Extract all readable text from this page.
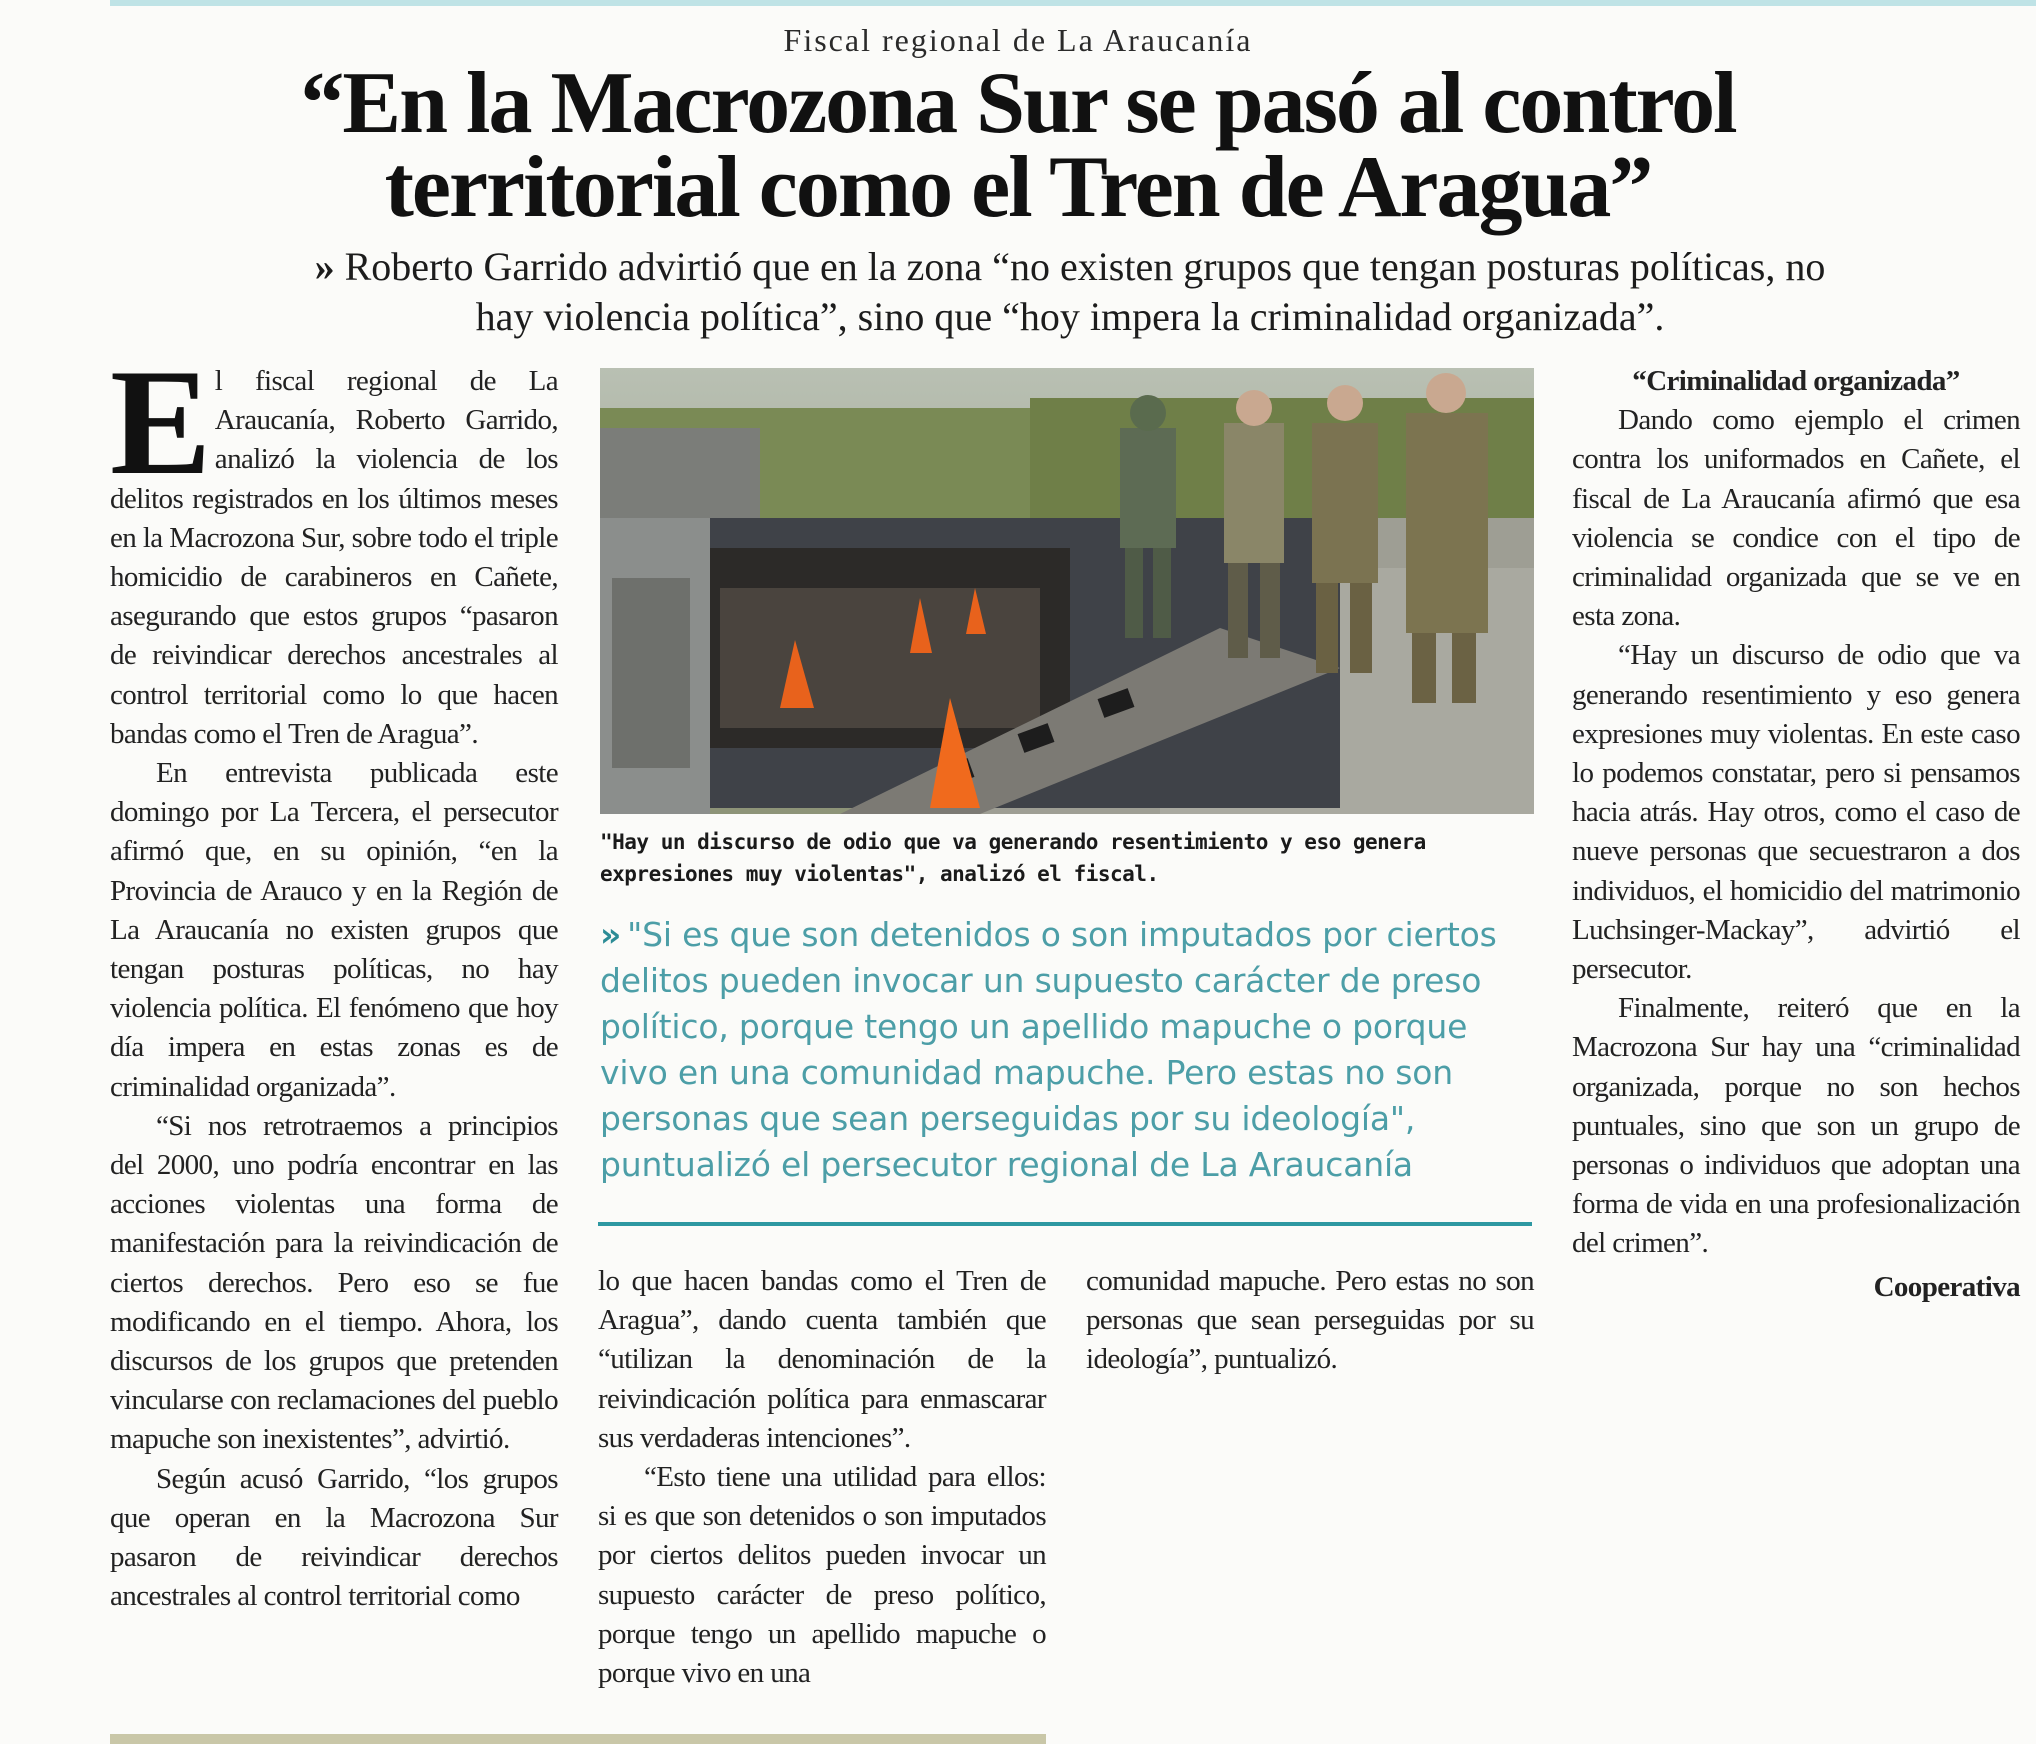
Fiscal regional de La Araucanía
“En la Macrozona Sur se pasó al control
territorial como el Tren de Aragua”
» Roberto Garrido advirtió que en la zona “no existen grupos que tengan posturas políticas, no hay violencia política”, sino que “hoy impera la criminalidad organizada”.

El fiscal regional de La Araucanía, Roberto Garrido, analizó la violencia de los delitos registrados en los últimos meses en la Macrozona Sur, sobre todo el triple homicidio de carabineros en Cañete, asegurando que estos grupos “pasaron de reivindicar derechos ancestrales al control territorial como lo que hacen bandas como el Tren de Aragua”.

En entrevista publicada este domingo por La Tercera, el persecutor afirmó que, en su opinión, “en la Provincia de Arauco y en la Región de La Araucanía no existen grupos que tengan posturas políticas, no hay violencia política. El fenómeno que hoy día impera en estas zonas es de criminalidad organizada”.

“Si nos retrotraemos a principios del 2000, uno podría encontrar en las acciones violentas una forma de manifestación para la reivindicación de ciertos derechos. Pero eso se fue modificando en el tiempo. Ahora, los discursos de los grupos que pretenden vincularse con reclamaciones del pueblo mapuche son inexistentes”, advirtió.

Según acusó Garrido, “los grupos que operan en la Macrozona Sur pasaron de reivindicar derechos ancestrales al control territorial como

"Hay un discurso de odio que va generando resentimiento y eso genera expresiones muy violentas", analizó el fiscal.
» "Si es que son detenidos o son imputados por ciertos delitos pueden invocar un supuesto carácter de preso político, porque tengo un apellido mapuche o porque vivo en una comunidad mapuche. Pero estas no son personas que sean perseguidas por su ideología", puntualizó el persecutor regional de La Araucanía

lo que hacen bandas como el Tren de Aragua”, dando cuenta también que “utilizan la denominación de la reivindicación política para enmascarar sus verdaderas intenciones”.

“Esto tiene una utilidad para ellos: si es que son detenidos o son imputados por ciertos delitos pueden invocar un supuesto carácter de preso político, porque tengo un apellido mapuche o porque vivo en una

comunidad mapuche. Pero estas no son personas que sean perseguidas por su ideología”, puntualizó.

“Criminalidad organizada”

Dando como ejemplo el crimen contra los uniformados en Cañete, el fiscal de La Araucanía afirmó que esa violencia se condice con el tipo de criminalidad organizada que se ve en esta zona.

“Hay un discurso de odio que va generando resentimiento y eso genera expresiones muy violentas. En este caso lo podemos constatar, pero si pensamos hacia atrás. Hay otros, como el caso de nueve personas que secuestraron a dos individuos, el homicidio del matrimonio Luchsinger-Mackay”, advirtió el persecutor.

Finalmente, reiteró que en la Macrozona Sur hay una “criminalidad organizada, porque no son hechos puntuales, sino que son un grupo de personas o individuos que adoptan una forma de vida en una profesionalización del crimen”.

Cooperativa
